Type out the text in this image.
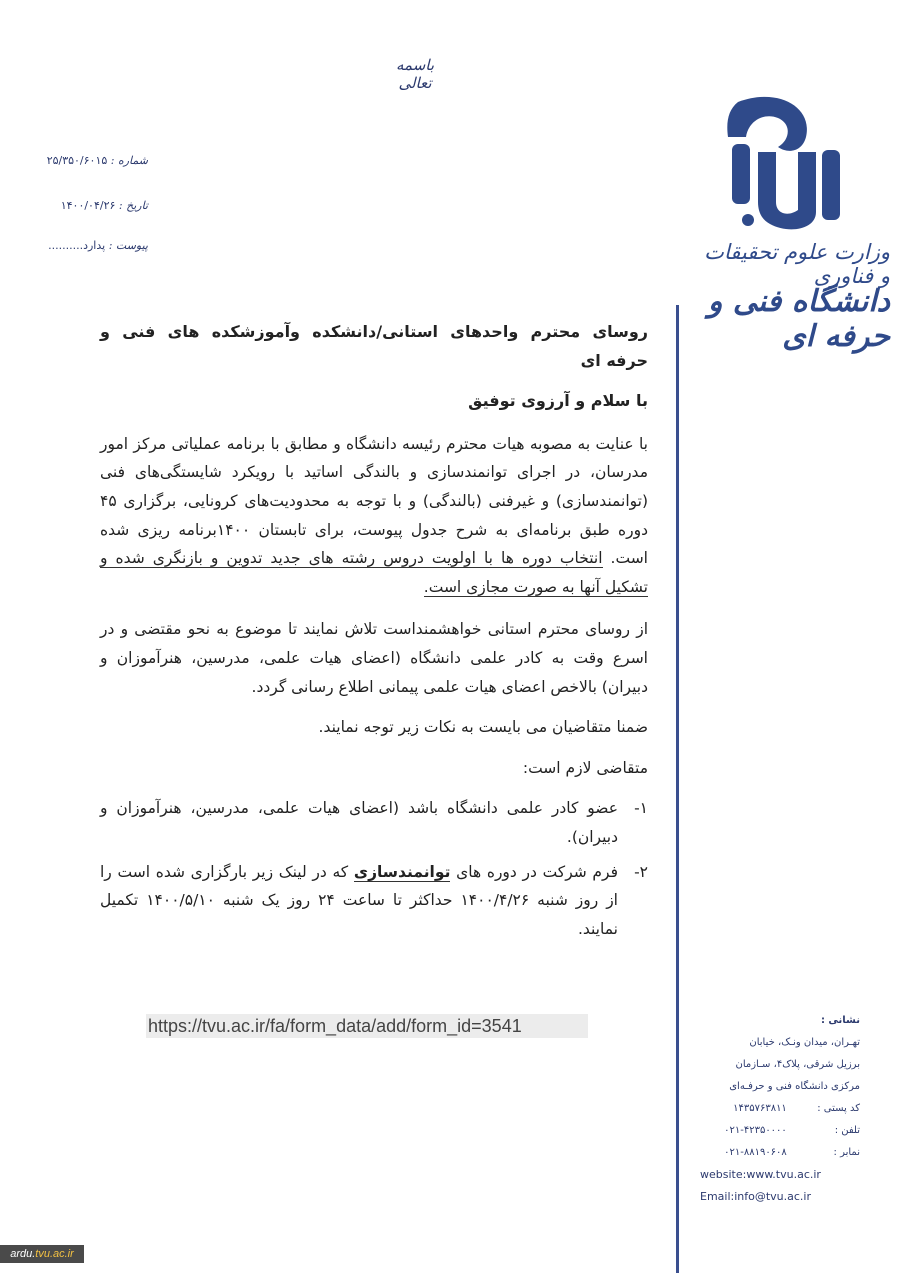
باسمه تعالی
شماره : ۲۵/۳۵۰/۶۰۱۵
تاریخ : ۱۴۰۰/۰۴/۲۶
پیوست : پدارد..........	وزارت علوم تحقیقات و فناوری
دانشگاه فنی و حرفه ای

روسای محترم واحدهای استانی/دانشکده وآموزشکده های فنی و حرفه ای

با سلام و آرزوی توفیق

با عنایت به مصوبه هیات محترم رئیسه دانشگاه و مطابق با برنامه عملیاتی مرکز امور مدرسان، در اجرای توانمندسازی و بالندگی اساتید با رویکرد شایستگی‌های فنی (توانمندسازی) و غیرفنی (بالندگی) و با توجه به محدودیت‌های کرونایی، برگزاری ۴۵ دوره طبق برنامه‌ای به شرح جدول پیوست، برای تابستان ۱۴۰۰برنامه ریزی شده است. انتخاب دوره ها با اولویت دروس رشته های جدید تدوین و بازنگری شده و تشکیل آنها به صورت مجازی است.

از روسای محترم استانی خواهشمنداست تلاش نمایند تا موضوع به نحو مقتضی و در اسرع وقت به کادر علمی دانشگاه (اعضای هیات علمی، مدرسین، هنرآموزان و دبیران) بالاخص اعضای هیات علمی پیمانی اطلاع رسانی گردد.

ضمنا متقاضیان می بایست به نکات زیر توجه نمایند.

متقاضی لازم است:

۱-
عضو کادر علمی دانشگاه باشد (اعضای هیات علمی، مدرسین، هنرآموزان و دبیران).
۲-
فرم شرکت در دوره های توانمندسازی که در لینک زیر بارگزاری شده است را از روز شنبه ۱۴۰۰/۴/۲۶ حداکثر تا ساعت ۲۴ روز یک شنبه ۱۴۰۰/۵/۱۰ تکمیل نمایند.
https://tvu.ac.ir/fa/form_data/add/form_id=3541	نشانی :
تهـران، میدان ونـک، خیابان
برزیل شرقی، پلاک۴، سـازمان
مرکزی دانشگاه فنی و حرفـه‌ای
کد پستی : ۱۴۳۵۷۶۳۸۱۱
تلفن : ۰۲۱-۴۲۳۵۰۰۰۰
نمابر : ۰۲۱-۸۸۱۹۰۶۰۸
website:www.tvu.ac.ir
Email:info@tvu.ac.ir
ardu.tvu.ac.ir
